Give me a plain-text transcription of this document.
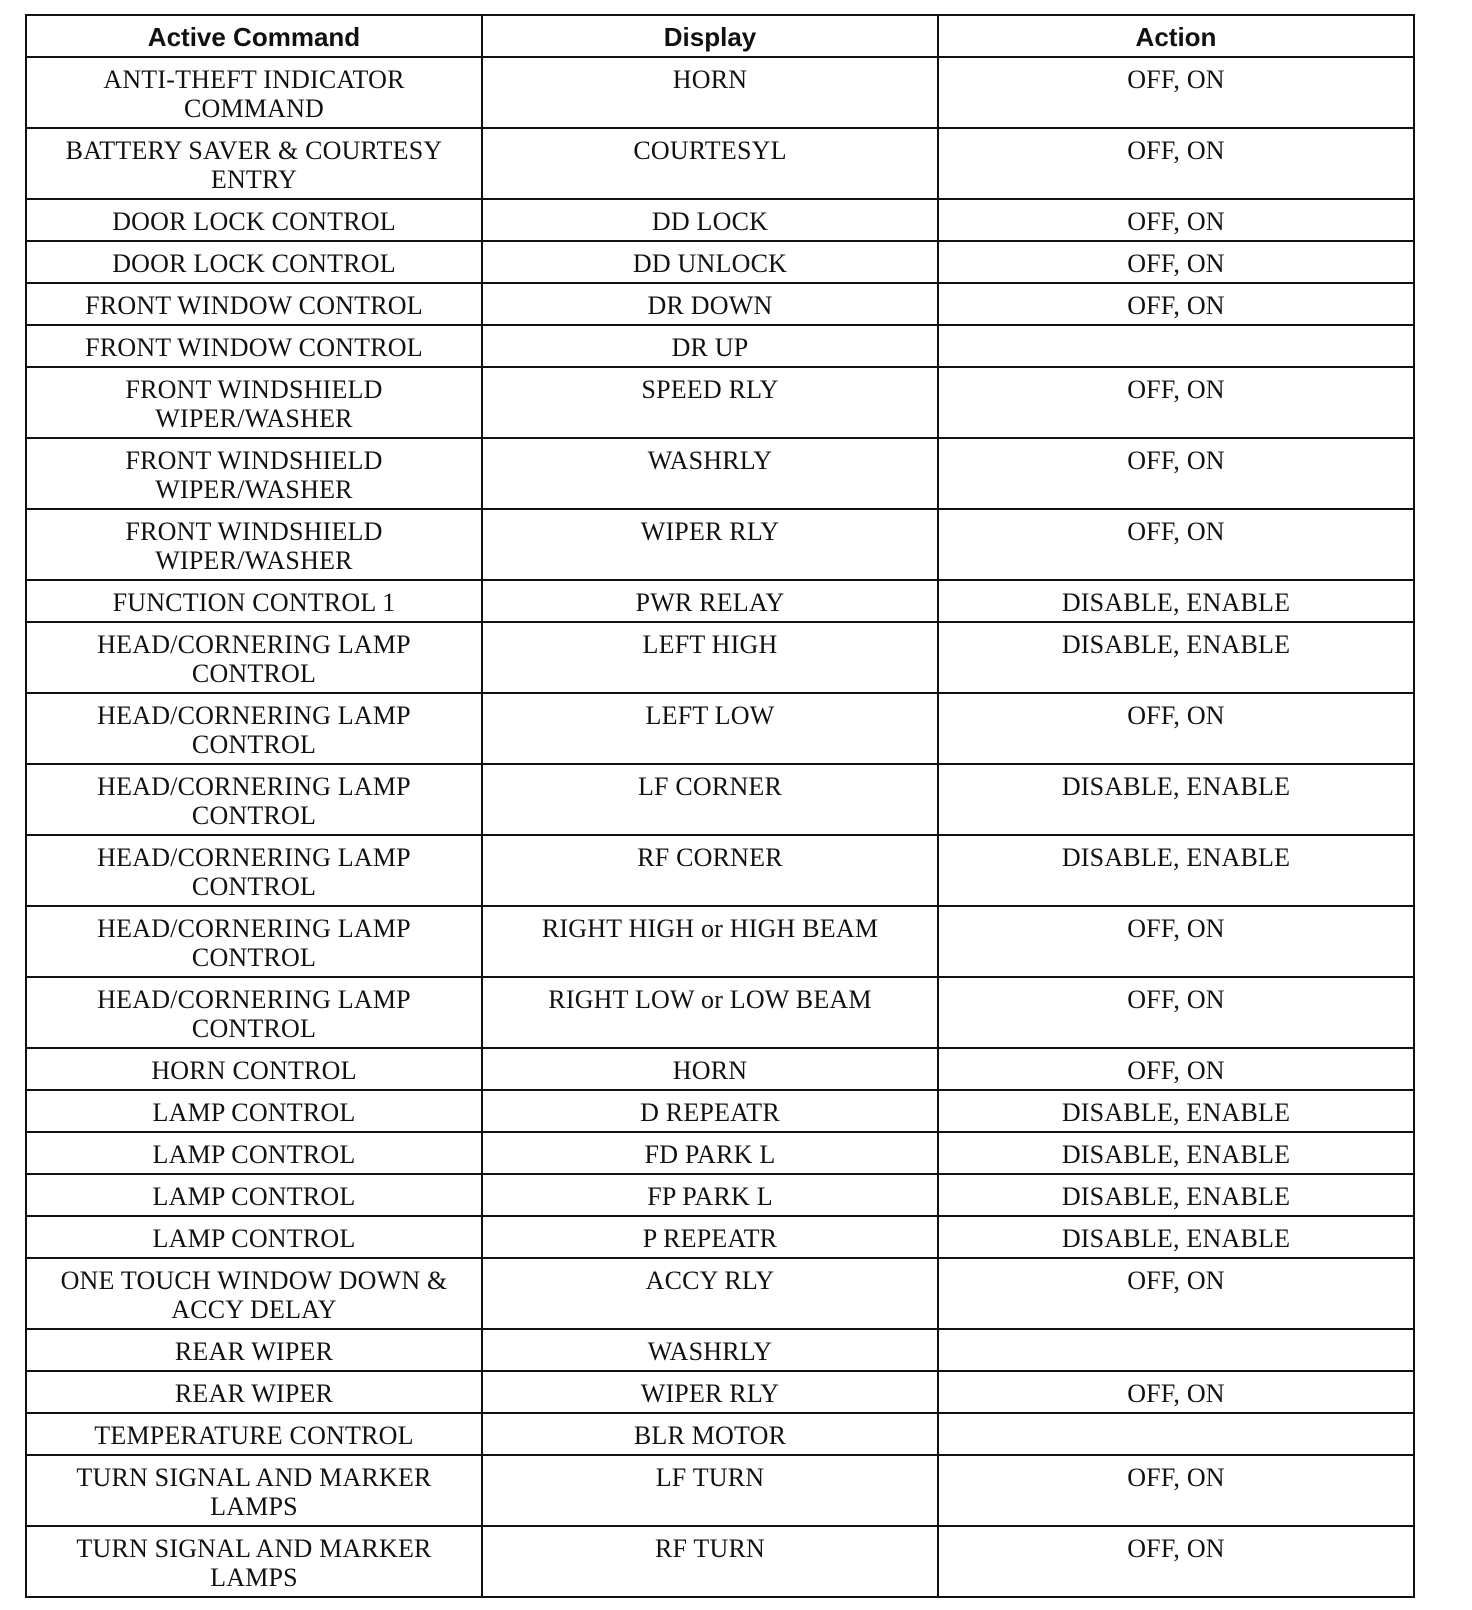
Active Command	Display	Action
ANTI-THEFT INDICATOR COMMAND	HORN	OFF, ON
BATTERY SAVER & COURTESY ENTRY	COURTESYL	OFF, ON
DOOR LOCK CONTROL	DD LOCK	OFF, ON
DOOR LOCK CONTROL	DD UNLOCK	OFF, ON
FRONT WINDOW CONTROL	DR DOWN	OFF, ON
FRONT WINDOW CONTROL	DR UP	
FRONT WINDSHIELD WIPER/WASHER	SPEED RLY	OFF, ON
FRONT WINDSHIELD WIPER/WASHER	WASHRLY	OFF, ON
FRONT WINDSHIELD WIPER/WASHER	WIPER RLY	OFF, ON
FUNCTION CONTROL 1	PWR RELAY	DISABLE, ENABLE
HEAD/CORNERING LAMP CONTROL	LEFT HIGH	DISABLE, ENABLE
HEAD/CORNERING LAMP CONTROL	LEFT LOW	OFF, ON
HEAD/CORNERING LAMP CONTROL	LF CORNER	DISABLE, ENABLE
HEAD/CORNERING LAMP CONTROL	RF CORNER	DISABLE, ENABLE
HEAD/CORNERING LAMP CONTROL	RIGHT HIGH or HIGH BEAM	OFF, ON
HEAD/CORNERING LAMP CONTROL	RIGHT LOW or LOW BEAM	OFF, ON
HORN CONTROL	HORN	OFF, ON
LAMP CONTROL	D REPEATR	DISABLE, ENABLE
LAMP CONTROL	FD PARK L	DISABLE, ENABLE
LAMP CONTROL	FP PARK L	DISABLE, ENABLE
LAMP CONTROL	P REPEATR	DISABLE, ENABLE
ONE TOUCH WINDOW DOWN & ACCY DELAY	ACCY RLY	OFF, ON
REAR WIPER	WASHRLY	
REAR WIPER	WIPER RLY	OFF, ON
TEMPERATURE CONTROL	BLR MOTOR	
TURN SIGNAL AND MARKER LAMPS	LF TURN	OFF, ON
TURN SIGNAL AND MARKER LAMPS	RF TURN	OFF, ON
